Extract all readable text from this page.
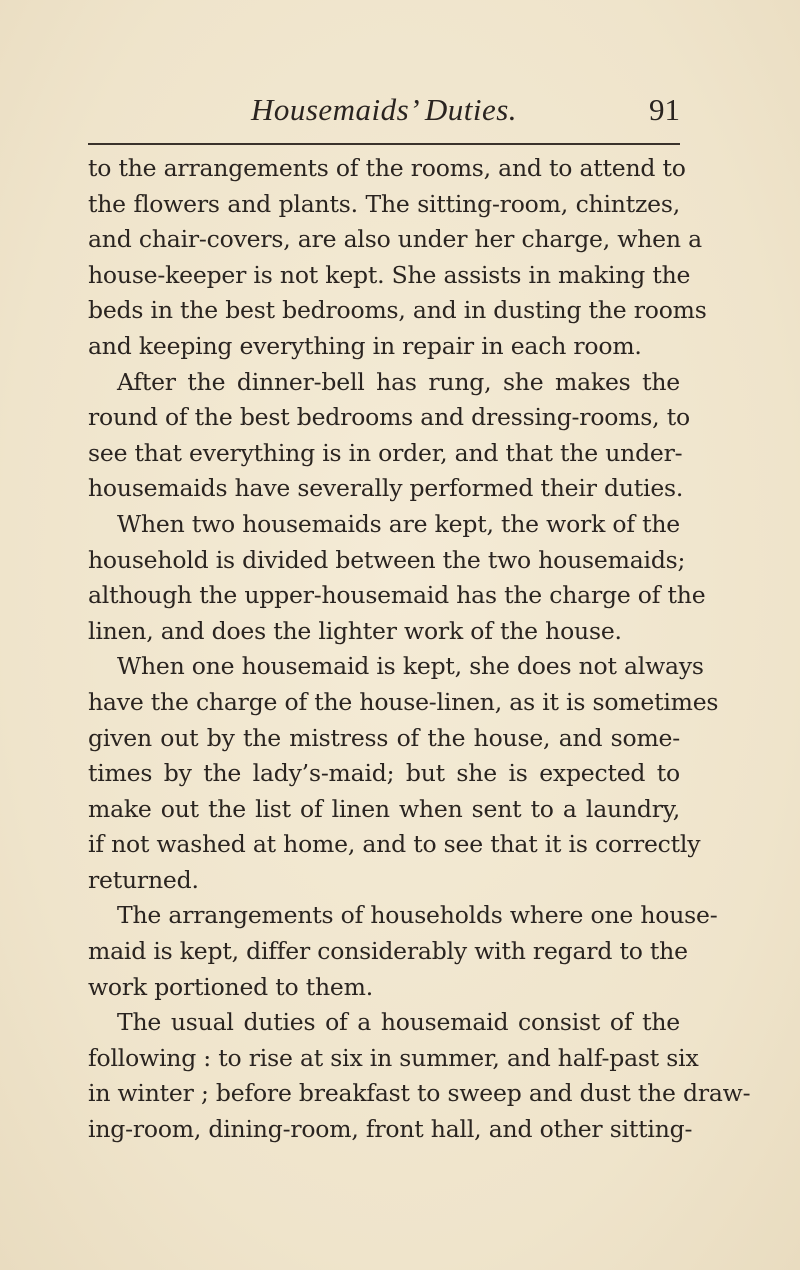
Housemaids’ Duties.	91
to the arrangements of the rooms, and to attend to
the flowers and plants. The sitting-room, chintzes,
and chair-covers, are also under her charge, when a
house-keeper is not kept. She assists in making the
beds in the best bedrooms, and in dusting the rooms
and keeping everything in repair in each room.
After the dinner-bell has rung, she makes the
round of the best bedrooms and dressing-rooms, to
see that everything is in order, and that the under-
housemaids have severally performed their duties.
When two housemaids are kept, the work of the
household is divided between the two housemaids;
although the upper-housemaid has the charge of the
linen, and does the lighter work of the house.
When one housemaid is kept, she does not always
have the charge of the house-linen, as it is sometimes
given out by the mistress of the house, and some-
times by the lady’s-maid; but she is expected to
make out the list of linen when sent to a laundry,
if not washed at home, and to see that it is correctly
returned.
The arrangements of households where one house-
maid is kept, differ considerably with regard to the
work portioned to them.
The usual duties of a housemaid consist of the
following : to rise at six in summer, and half-past six
in winter ; before breakfast to sweep and dust the draw-
ing-room, dining-room, front hall, and other sitting-
